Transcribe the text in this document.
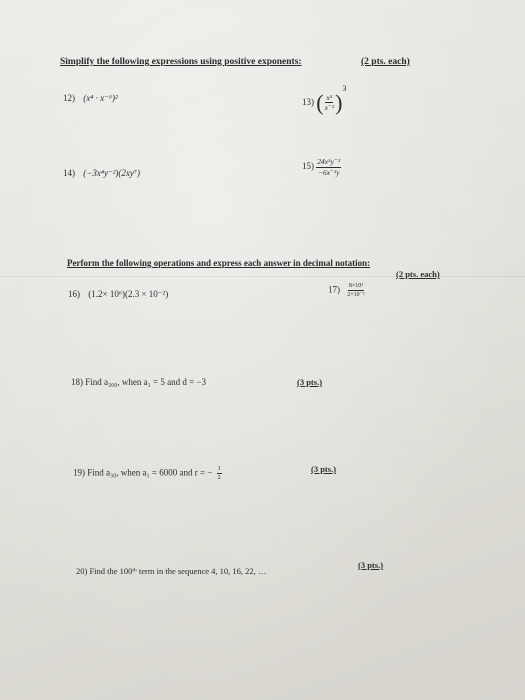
Simplify the following expressions using positive exponents:	(2 pts. each)
12) (x⁴ · x⁻⁶)²	13) ( $\frac{\text{x⁵}}{\text{x⁻²}} )^3$
14) (−3x⁴y⁻²)(2xy⁷)
$15) \frac{\text{24x⁵y⁻³}}{\text{−6x⁻²y}}$
Perform the following operations and express each answer in decimal notation:
(2 pts. each)
16) (1.2× 10⁶)(2.3 × 10⁻²)	$17) \frac{\text{8×10³}}{\text{2×10⁻²}}$
18) Find a₃₀₀, when a₁ = 5 and d = −3	(3 pts.)
19) Find a₃₀, when a₁ = 6000 and r = − $\frac{1}{2}$	(3 pts.)
20) Find the 100ᵗʰ term in the sequence 4, 10, 16, 22, …
(3 pts.)
